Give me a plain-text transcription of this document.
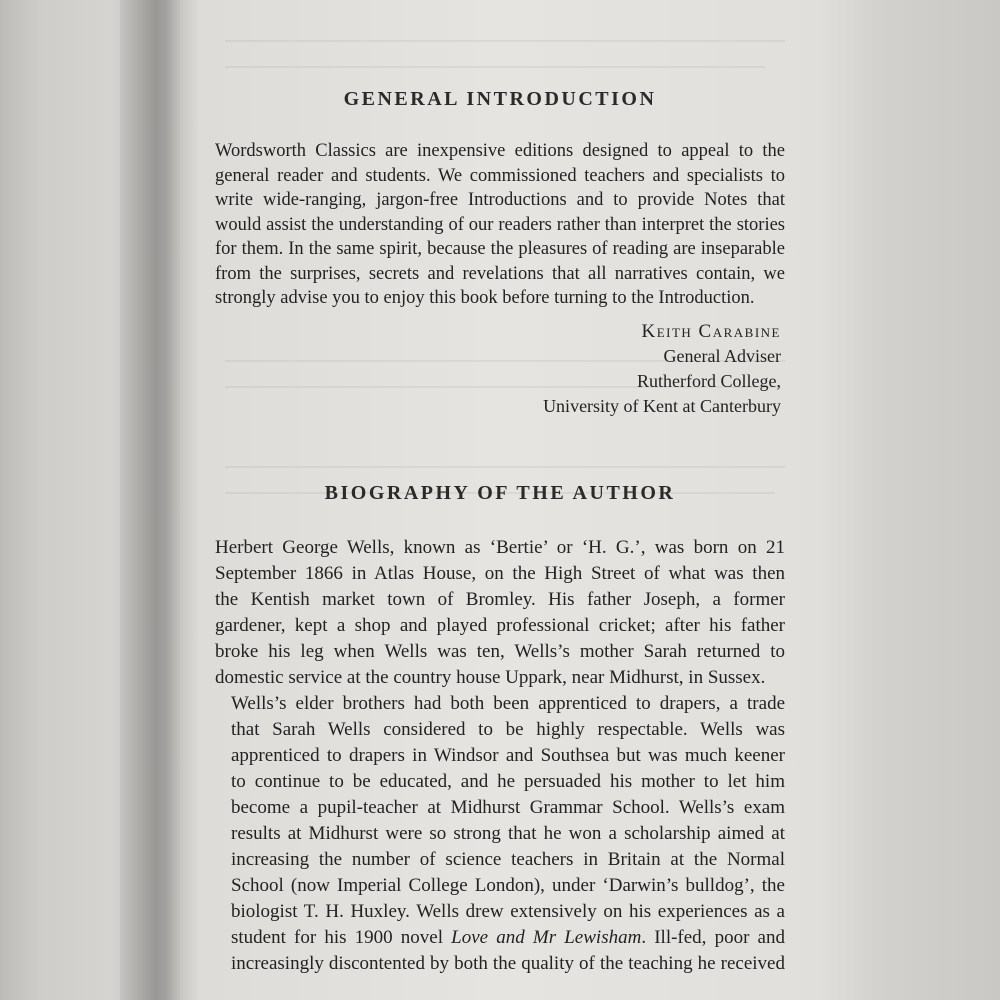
GENERAL INTRODUCTION
Wordsworth Classics are inexpensive editions designed to appeal to the general reader and students. We commissioned teachers and specialists to write wide-ranging, jargon-free Introductions and to provide Notes that would assist the understanding of our readers rather than interpret the stories for them. In the same spirit, because the pleasures of reading are inseparable from the surprises, secrets and revelations that all narratives contain, we strongly advise you to enjoy this book before turning to the Introduction.
Keith Carabine
General Adviser
Rutherford College,
University of Kent at Canterbury
BIOGRAPHY OF THE AUTHOR

Herbert George Wells, known as ‘Bertie’ or ‘H. G.’, was born on 21
September 1866 in Atlas House, on the High Street of what was then
the Kentish market town of Bromley. His father Joseph, a former
gardener, kept a shop and played professional cricket; after his father
broke his leg when Wells was ten, Wells’s mother Sarah returned to
domestic service at the country house Uppark, near Midhurst, in Sussex.

Wells’s elder brothers had both been apprenticed to drapers, a trade
that Sarah Wells considered to be highly respectable. Wells was
apprenticed to drapers in Windsor and Southsea but was much keener
to continue to be educated, and he persuaded his mother to let him
become a pupil-teacher at Midhurst Grammar School. Wells’s exam
results at Midhurst were so strong that he won a scholarship aimed at
increasing the number of science teachers in Britain at the Normal
School (now Imperial College London), under ‘Darwin’s bulldog’, the
biologist T. H. Huxley. Wells drew extensively on his experiences as a
student for his 1900 novel Love and Mr Lewisham. Ill-fed, poor and
increasingly discontented by both the quality of the teaching he received
